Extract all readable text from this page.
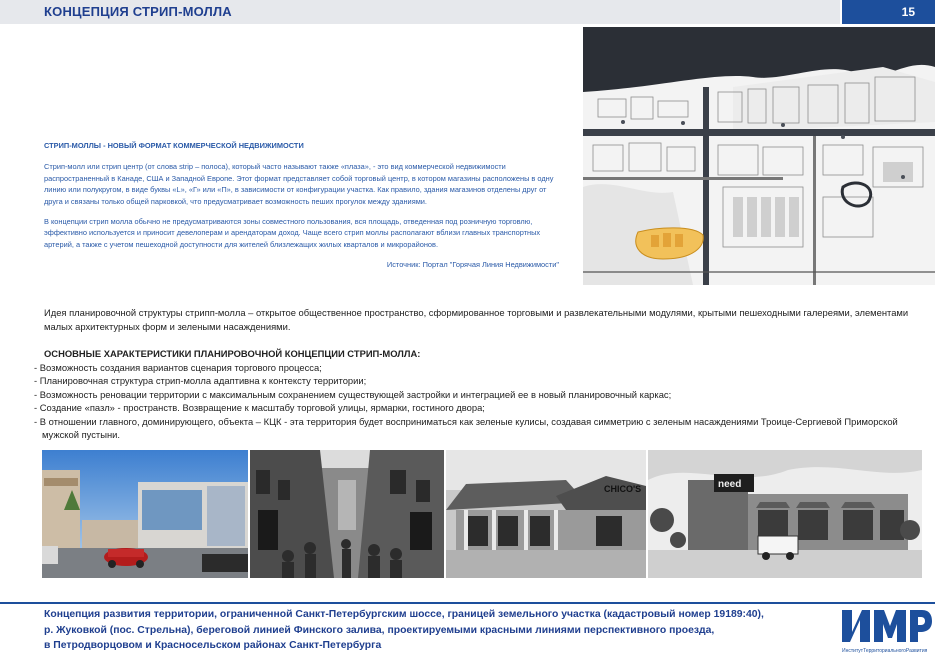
КОНЦЕПЦИЯ СТРИП-МОЛЛА	15
СТРИП-МОЛЛЫ - НОВЫЙ ФОРМАТ КОММЕРЧЕСКОЙ НЕДВИЖИМОСТИ

Стрип-молл или стрип центр (от слова strip – полоса), который часто называют также «плаза», - это вид коммерческой недвижимости распространенный в Канаде, США и Западной Европе. Этот формат представляет собой торговый центр, в котором магазины расположены в одну линию или полукругом, в виде буквы «L», «Г» или «П», в зависимости от конфигурации участка. Как правило, здания магазинов отделены друг от друга и связаны только общей парковкой, что предусматривает возможность пеших прогулок между зданиями.

В концепции стрип молла обычно не предусматриваются зоны совместного пользования, вся площадь, отведенная под розничную торговлю, эффективно используется и приносит девелоперам и арендаторам доход. Чаще всего стрип моллы располагают вблизи главных транспортных артерий, а также с учетом пешеходной доступности для жителей близлежащих жилых кварталов и микрорайонов.

Источник: Портал "Горячая Линия Недвижимости"
Идея планировочной структуры стрипп-молла – открытое общественное пространство, сформированное торговыми и развлекательными модулями, крытыми пешеходными галереями, элементами малых архитектурных форм и зелеными насаждениями.
ОСНОВНЫЕ ХАРАКТЕРИСТИКИ ПЛАНИРОВОЧНОЙ КОНЦЕПЦИИ СТРИП-МОЛЛА:
- Возможность создания вариантов сценария торгового процесса;
- Планировочная структура стрип-молла адаптивна к контексту территории;
- Возможность реновации территории с максимальным сохранением существующей застройки и интеграцией ее в новый планировочный каркас;
- Создание «пазл» - пространств. Возвращение к масштабу торговой улицы, ярмарки, гостиного двора;
- В отношении главного, доминирующего, объекта – КЦК - эта территория будет восприниматься как зеленые кулисы, создавая симметрию с зеленым насаждениями Троице-Сергиевой Приморской мужской пустыни.
CHICO'S	need
Концепция развития территории, ограниченной Санкт-Петербургским шоссе, границей земельного участка (кадастровый номер 19189:40),
р. Жуковкой (пос. Стрельна), береговой линией Финского залива, проектируемыми красными линиями перспективного проезда,
в Петродворцовом и Красносельском районах Санкт-Петербурга	ИнститутТерриториальногоРазвития
